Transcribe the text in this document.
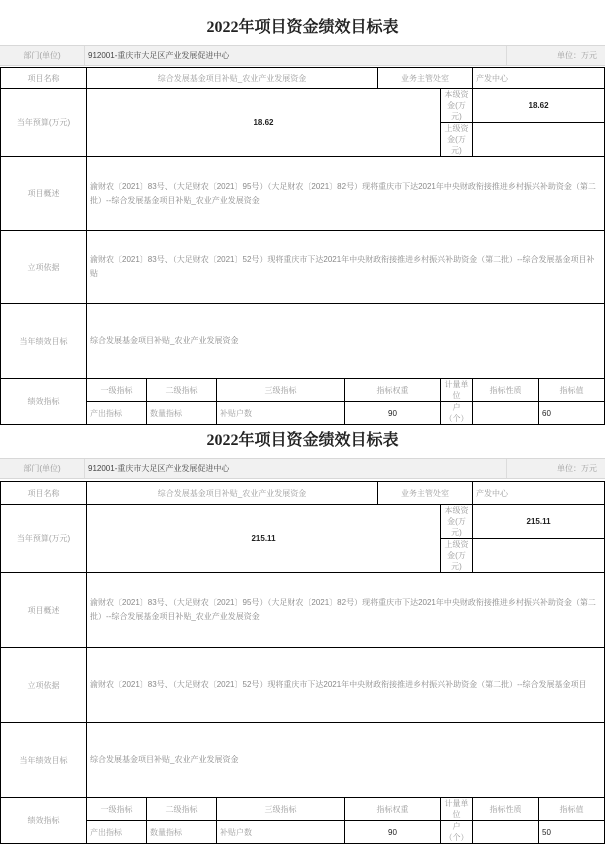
2022年项目资金绩效目标表
部门(单位)	912001-重庆市大足区产业发展促进中心	单位：万元
项目名称	综合发展基金项目补贴_农业产业发展资金				业务主管处室		产发中心	
当年预算(万元)	18.62					本级资金(万元)	18.62	
						上级资金(万元)		
项目概述	渝财农〔2021〕83号、（大足财农〔2021〕95号）（大足财农〔2021〕82号）现将重庆市下达2021年中央财政衔接推进乡村振兴补助资金（第二批）--综合发展基金项目补贴_农业产业发展资金							
立项依据	渝财农〔2021〕83号、（大足财农〔2021〕52号）现将重庆市下达2021年中央财政衔接推进乡村振兴补助资金（第二批）--综合发展基金项目补贴							
当年绩效目标	综合发展基金项目补贴_农业产业发展资金							
绩效指标	一级指标	二级指标	三级指标	指标权重		计量单位	指标性质	指标值
	产出指标	数量指标	补贴户数	90		户（个）		60
2022年项目资金绩效目标表
部门(单位)	912001-重庆市大足区产业发展促进中心	单位：万元
项目名称	综合发展基金项目补贴_农业产业发展资金				业务主管处室		产发中心	
当年预算(万元)	215.11					本级资金(万元)	215.11	
						上级资金(万元)		
项目概述	渝财农〔2021〕83号、（大足财农〔2021〕95号）（大足财农〔2021〕82号）现将重庆市下达2021年中央财政衔接推进乡村振兴补助资金（第二批）--综合发展基金项目补贴_农业产业发展资金							
立项依据	渝财农〔2021〕83号、（大足财农〔2021〕52号）现将重庆市下达2021年中央财政衔接推进乡村振兴补助资金（第二批）--综合发展基金项目							
当年绩效目标	综合发展基金项目补贴_农业产业发展资金							
绩效指标	一级指标	二级指标	三级指标	指标权重		计量单位	指标性质	指标值
	产出指标	数量指标	补贴户数	90		户（个）		50
